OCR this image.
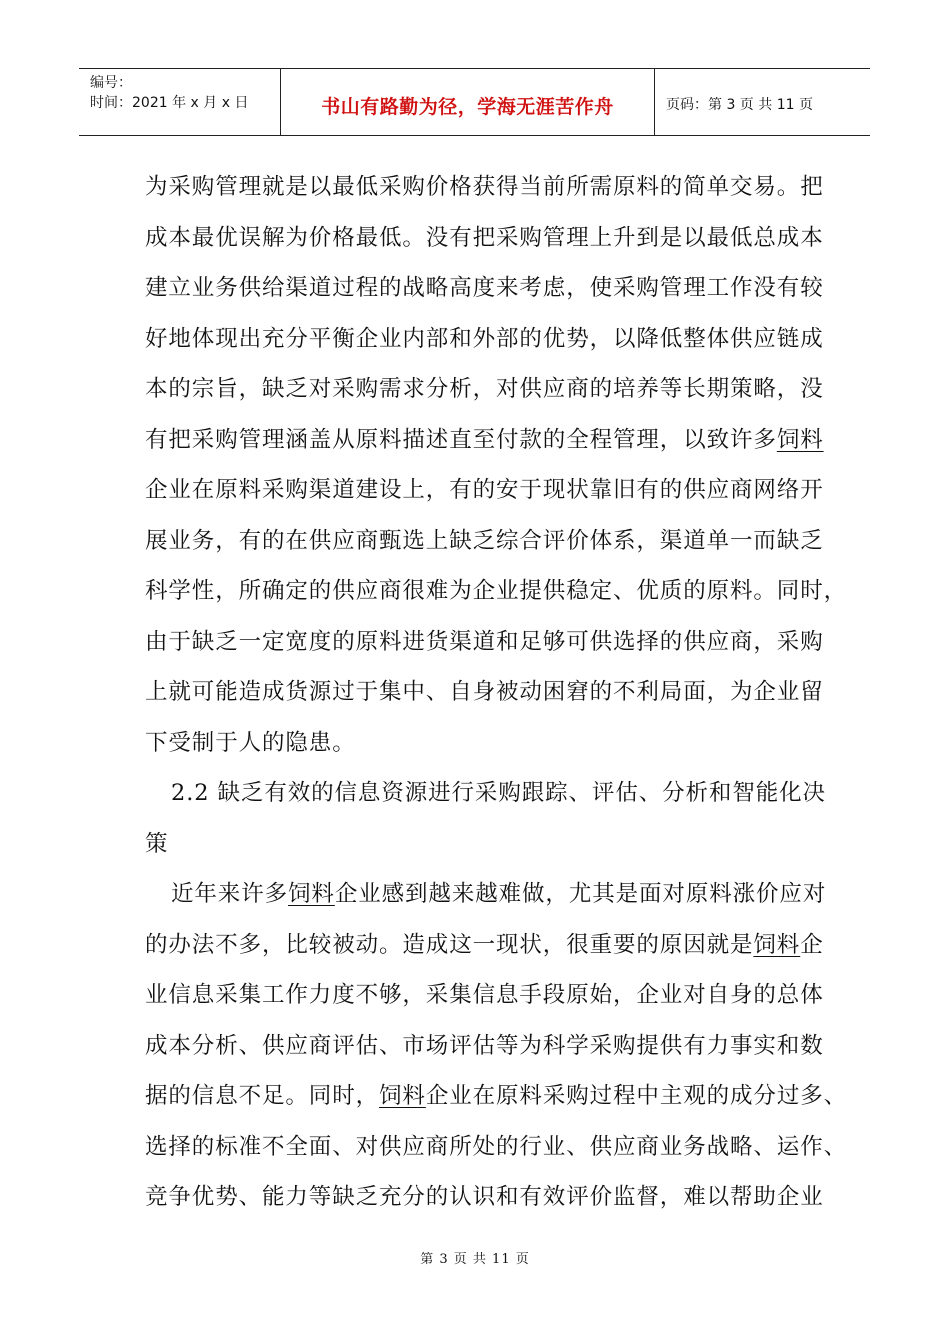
编号：
时间：2021 年 x 月 x 日	书山有路勤为径，学海无涯苦作舟	页码：第 3 页 共 11 页
为采购管理就是以最低采购价格获得当前所需原料的简单交易。把
成本最优误解为价格最低。没有把采购管理上升到是以最低总成本
建立业务供给渠道过程的战略高度来考虑，使采购管理工作没有较
好地体现出充分平衡企业内部和外部的优势，以降低整体供应链成
本的宗旨，缺乏对采购需求分析，对供应商的培养等长期策略，没
有把采购管理涵盖从原料描述直至付款的全程管理，以致许多饲料
企业在原料采购渠道建设上，有的安于现状靠旧有的供应商网络开
展业务，有的在供应商甄选上缺乏综合评价体系，渠道单一而缺乏
科学性，所确定的供应商很难为企业提供稳定、优质的原料。同时，
由于缺乏一定宽度的原料进货渠道和足够可供选择的供应商，采购
上就可能造成货源过于集中、自身被动困窘的不利局面，为企业留
下受制于人的隐患。
2.2 缺乏有效的信息资源进行采购跟踪、评估、分析和智能化决
策
近年来许多饲料企业感到越来越难做，尤其是面对原料涨价应对
的办法不多，比较被动。造成这一现状，很重要的原因就是饲料企
业信息采集工作力度不够，采集信息手段原始，企业对自身的总体
成本分析、供应商评估、市场评估等为科学采购提供有力事实和数
据的信息不足。同时，饲料企业在原料采购过程中主观的成分过多、
选择的标准不全面、对供应商所处的行业、供应商业务战略、运作、
竞争优势、能力等缺乏充分的认识和有效评价监督，难以帮助企业
第 3 页 共 11 页
